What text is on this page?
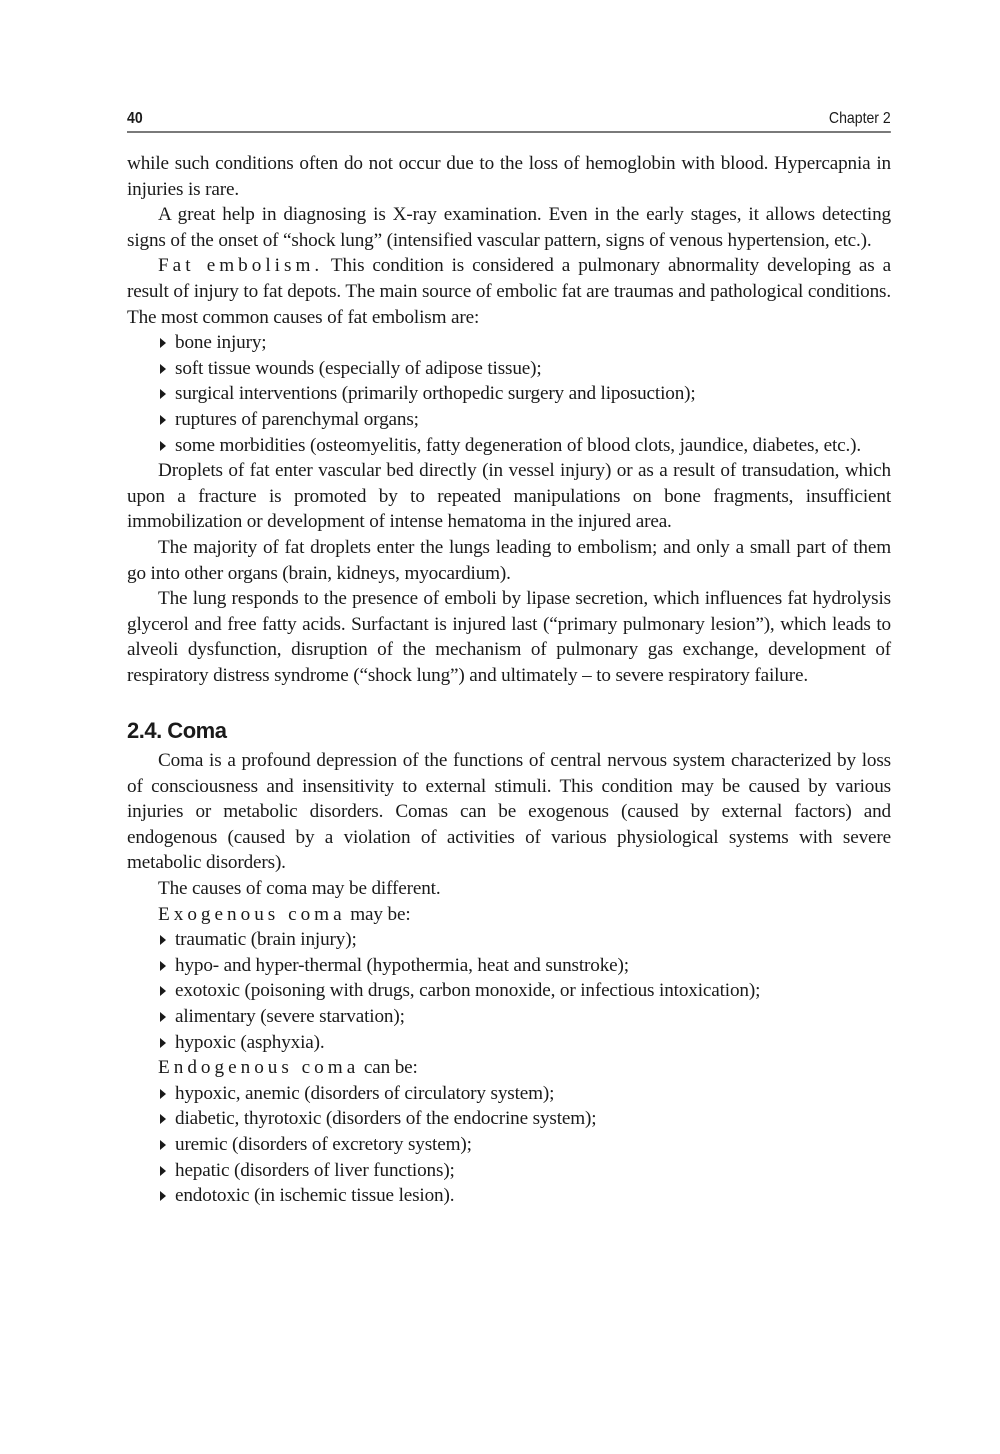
40	Chapter 2

while such conditions often do not occur due to the loss of hemoglobin with blood. Hypercapnia in injuries is rare.

A great help in diagnosing is X-ray examination. Even in the early stages, it allows detecting signs of the onset of “shock lung” (intensified vascular pattern, signs of venous hypertension, etc.).

Fat embolism. This condition is considered a pulmonary abnormality developing as a result of injury to fat depots. The main source of embolic fat are traumas and pathological conditions. The most common causes of fat embolism are:

bone injury;
soft tissue wounds (especially of adipose tissue);
surgical interventions (primarily orthopedic surgery and liposuction);
ruptures of parenchymal organs;
some morbidities (osteomyelitis, fatty degeneration of blood clots, jaundice, diabetes, etc.).

Droplets of fat enter vascular bed directly (in vessel injury) or as a result of transudation, which upon a fracture is promoted by to repeated manipulations on bone fragments, insufficient immobilization or development of intense hematoma in the injured area.

The majority of fat droplets enter the lungs leading to embolism; and only a small part of them go into other organs (brain, kidneys, myocardium).

The lung responds to the presence of emboli by lipase secretion, which influences fat hydrolysis glycerol and free fatty acids. Surfactant is injured last (“primary pulmonary lesion”), which leads to alveoli dysfunction, disruption of the mechanism of pulmonary gas exchange, development of respiratory distress syndrome (“shock lung”) and ultimately – to severe respiratory failure.

2.4. Coma

Coma is a profound depression of the functions of central nervous system characterized by loss of consciousness and insensitivity to external stimuli. This condition may be caused by various injuries or metabolic disorders. Comas can be exogenous (caused by external factors) and endogenous (caused by a violation of activities of various physiological systems with severe metabolic disorders).

The causes of coma may be different.

Exogenous coma may be:

traumatic (brain injury);
hypo- and hyper-thermal (hypothermia, heat and sunstroke);
exotoxic (poisoning with drugs, carbon monoxide, or infectious intoxication);
alimentary (severe starvation);
hypoxic (asphyxia).

Endogenous coma can be:

hypoxic, anemic (disorders of circulatory system);
diabetic, thyrotoxic (disorders of the endocrine system);
uremic (disorders of excretory system);
hepatic (disorders of liver functions);
endotoxic (in ischemic tissue lesion).
